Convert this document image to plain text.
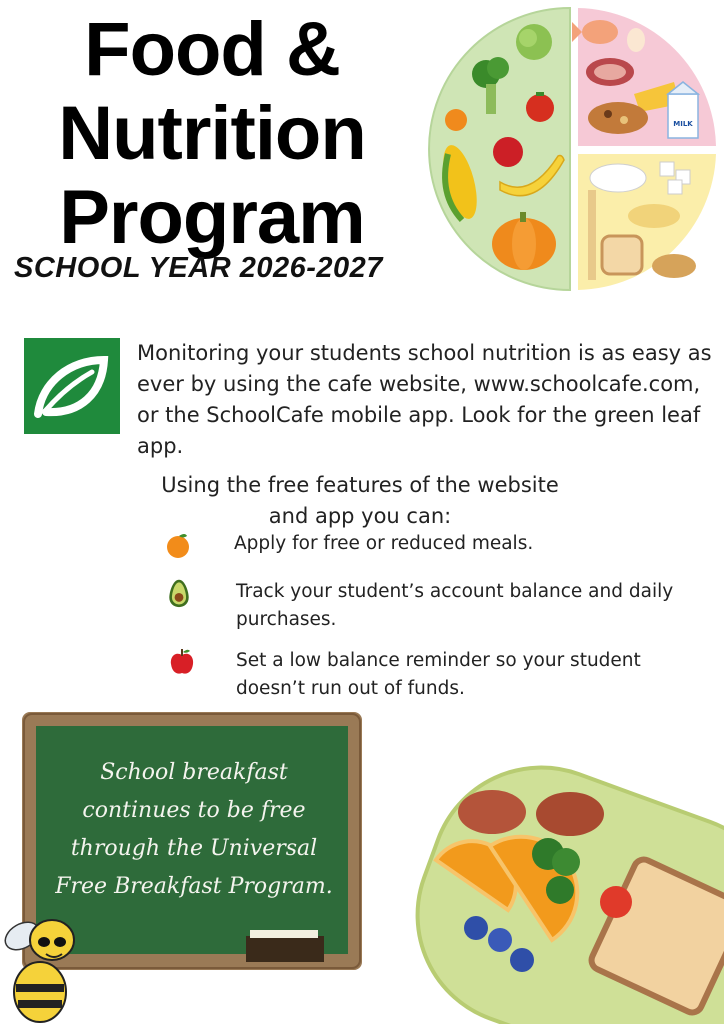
Food &
Nutrition
Program
SCHOOL YEAR 2026-2027
MILK
Monitoring your students school nutrition is as easy as ever by using the cafe website, www.schoolcafe.com, or the SchoolCafe mobile app. Look for the green leaf app.
Using the free features of the website and app you can:
Apply for free or reduced meals.
Track your student’s account balance and daily purchases.
Set a low balance reminder so your student doesn’t run out of funds.
School breakfast
continues to be free
through the Universal
Free Breakfast Program.
